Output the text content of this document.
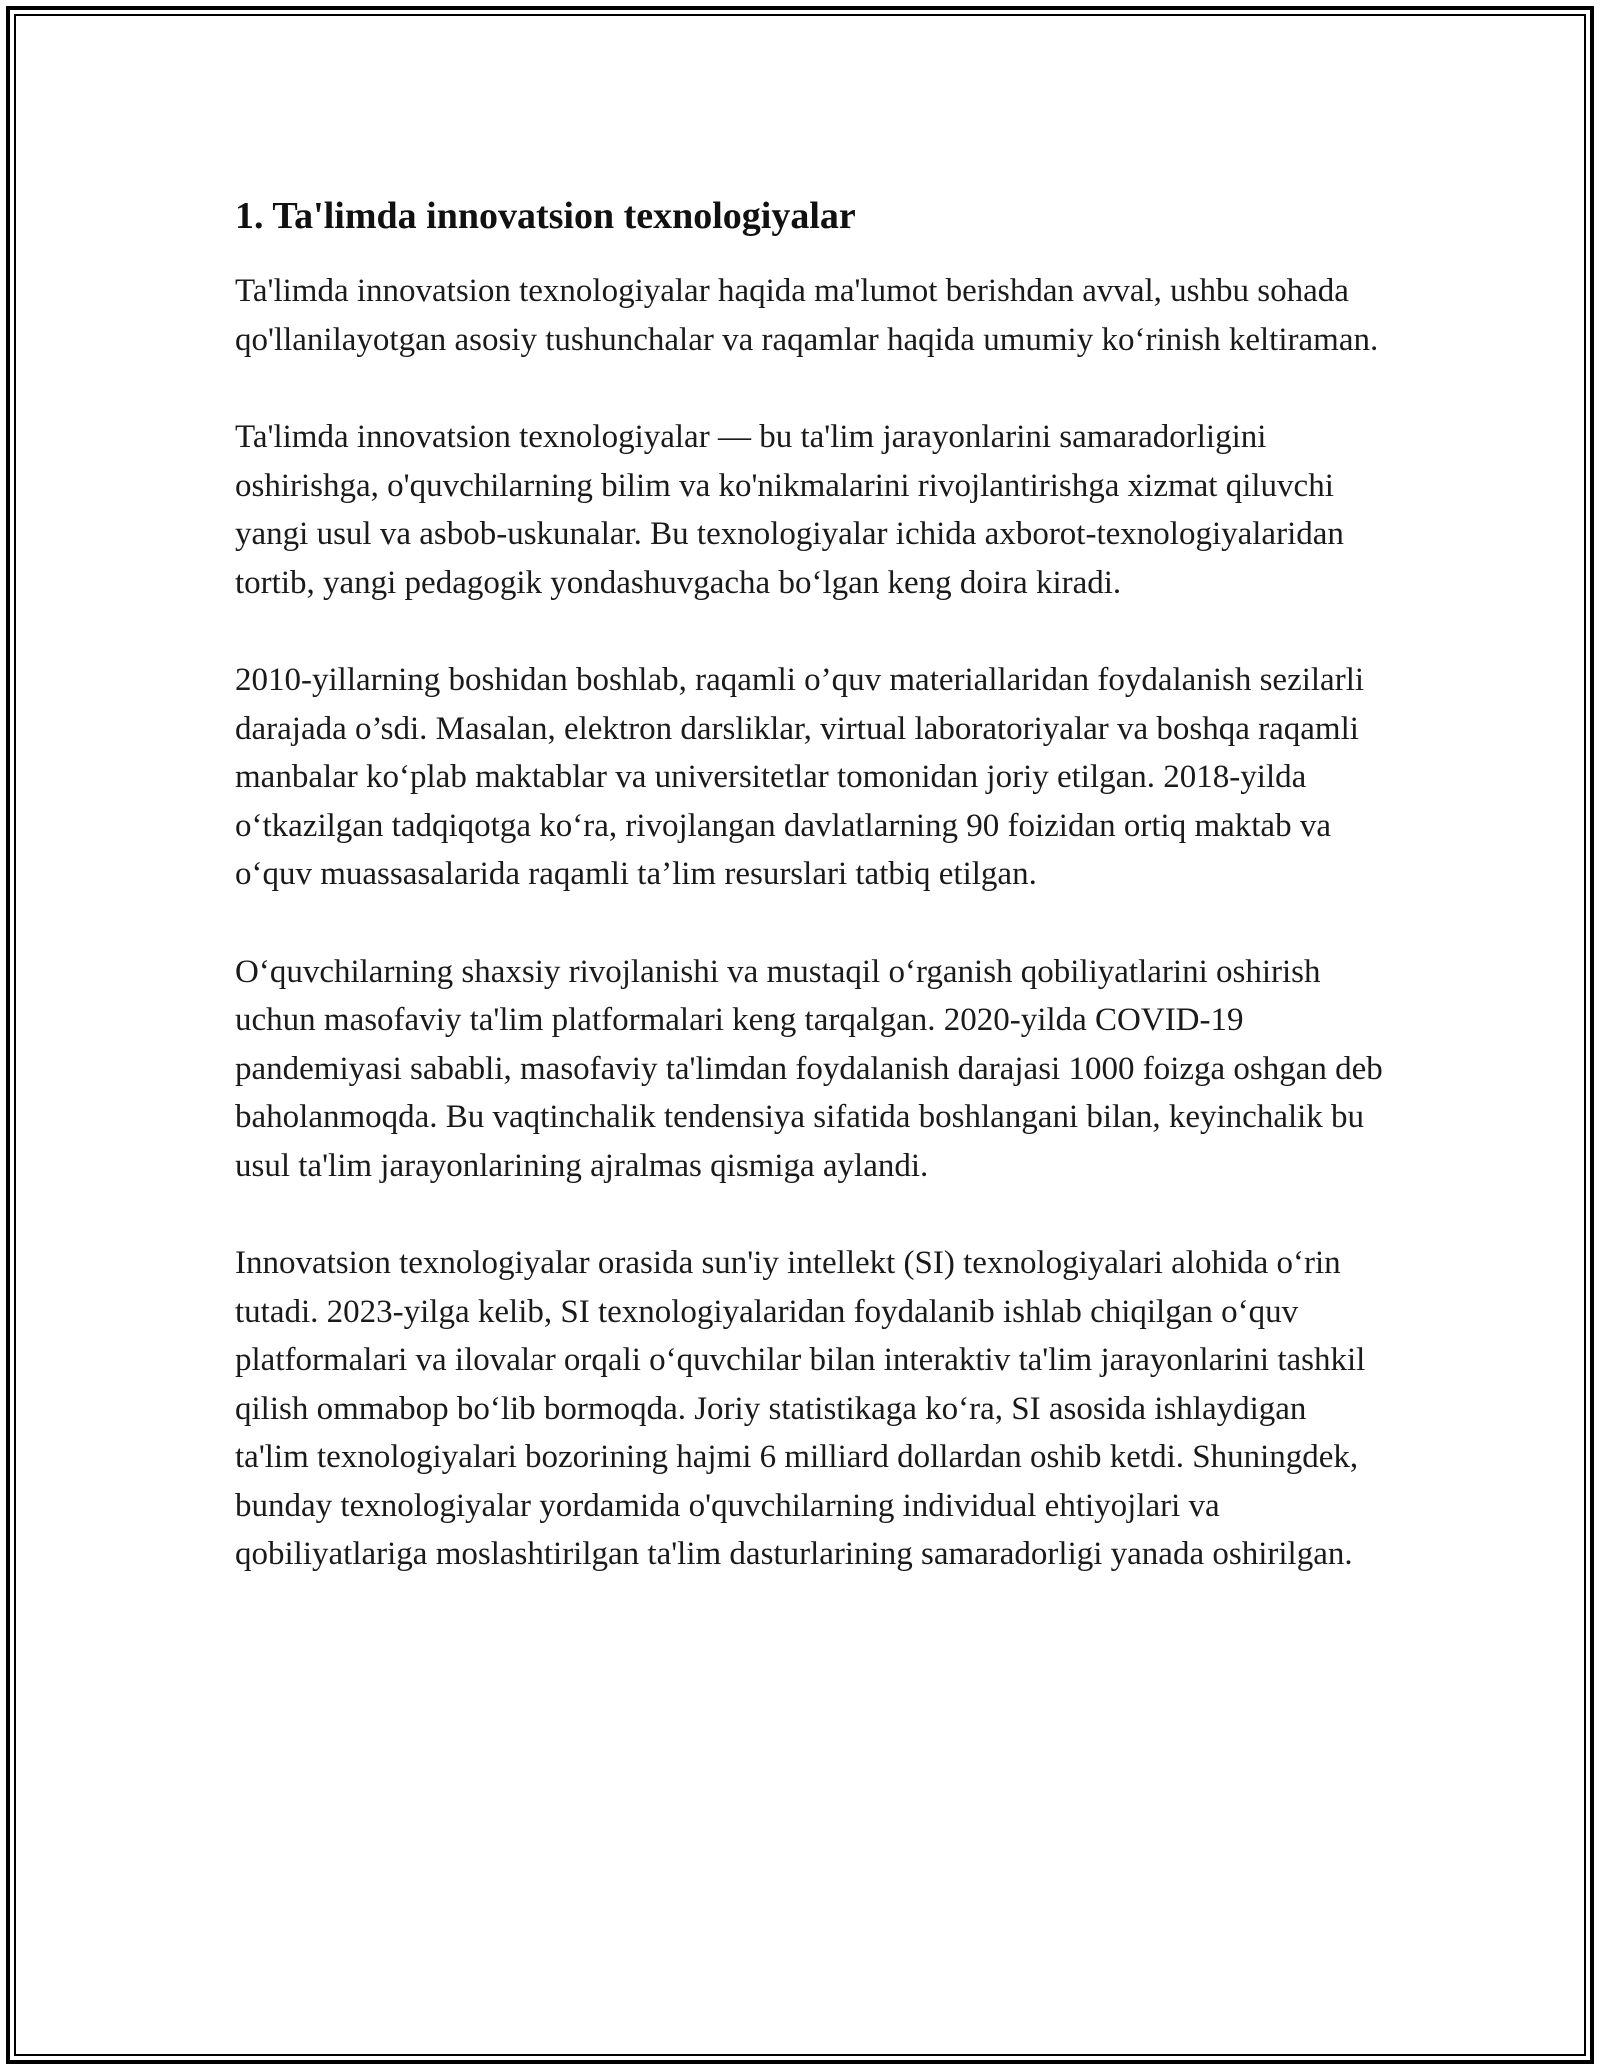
1. Ta'limda innovatsion texnologiyalar

Ta'limda innovatsion texnologiyalar haqida ma'lumot berishdan avval, ushbu sohada qo'llanilayotgan asosiy tushunchalar va raqamlar haqida umumiy ko‘rinish keltiraman.

Ta'limda innovatsion texnologiyalar — bu ta'lim jarayonlarini samaradorligini oshirishga, o'quvchilarning bilim va ko'nikmalarini rivojlantirishga xizmat qiluvchi yangi usul va asbob-uskunalar. Bu texnologiyalar ichida axborot-texnologiyalaridan tortib, yangi pedagogik yondashuvgacha bo‘lgan keng doira kiradi.

2010-yillarning boshidan boshlab, raqamli o’quv materiallaridan foydalanish sezilarli darajada o’sdi. Masalan, elektron darsliklar, virtual laboratoriyalar va boshqa raqamli manbalar ko‘plab maktablar va universitetlar tomonidan joriy etilgan. 2018-yilda o‘tkazilgan tadqiqotga ko‘ra, rivojlangan davlatlarning 90 foizidan ortiq maktab va o‘quv muassasalarida raqamli ta’lim resurslari tatbiq etilgan.

O‘quvchilarning shaxsiy rivojlanishi va mustaqil o‘rganish qobiliyatlarini oshirish uchun masofaviy ta'lim platformalari keng tarqalgan. 2020-yilda COVID-19 pandemiyasi sababli, masofaviy ta'limdan foydalanish darajasi 1000 foizga oshgan deb baholanmoqda. Bu vaqtinchalik tendensiya sifatida boshlangani bilan, keyinchalik bu usul ta'lim jarayonlarining ajralmas qismiga aylandi.

Innovatsion texnologiyalar orasida sun'iy intellekt (SI) texnologiyalari alohida o‘rin tutadi. 2023-yilga kelib, SI texnologiyalaridan foydalanib ishlab chiqilgan o‘quv platformalari va ilovalar orqali o‘quvchilar bilan interaktiv ta'lim jarayonlarini tashkil qilish ommabop bo‘lib bormoqda. Joriy statistikaga ko‘ra, SI asosida ishlaydigan ta'lim texnologiyalari bozorining hajmi 6 milliard dollardan oshib ketdi. Shuningdek, bunday texnologiyalar yordamida o'quvchilarning individual ehtiyojlari va qobiliyatlariga moslashtirilgan ta'lim dasturlarining samaradorligi yanada oshirilgan.
